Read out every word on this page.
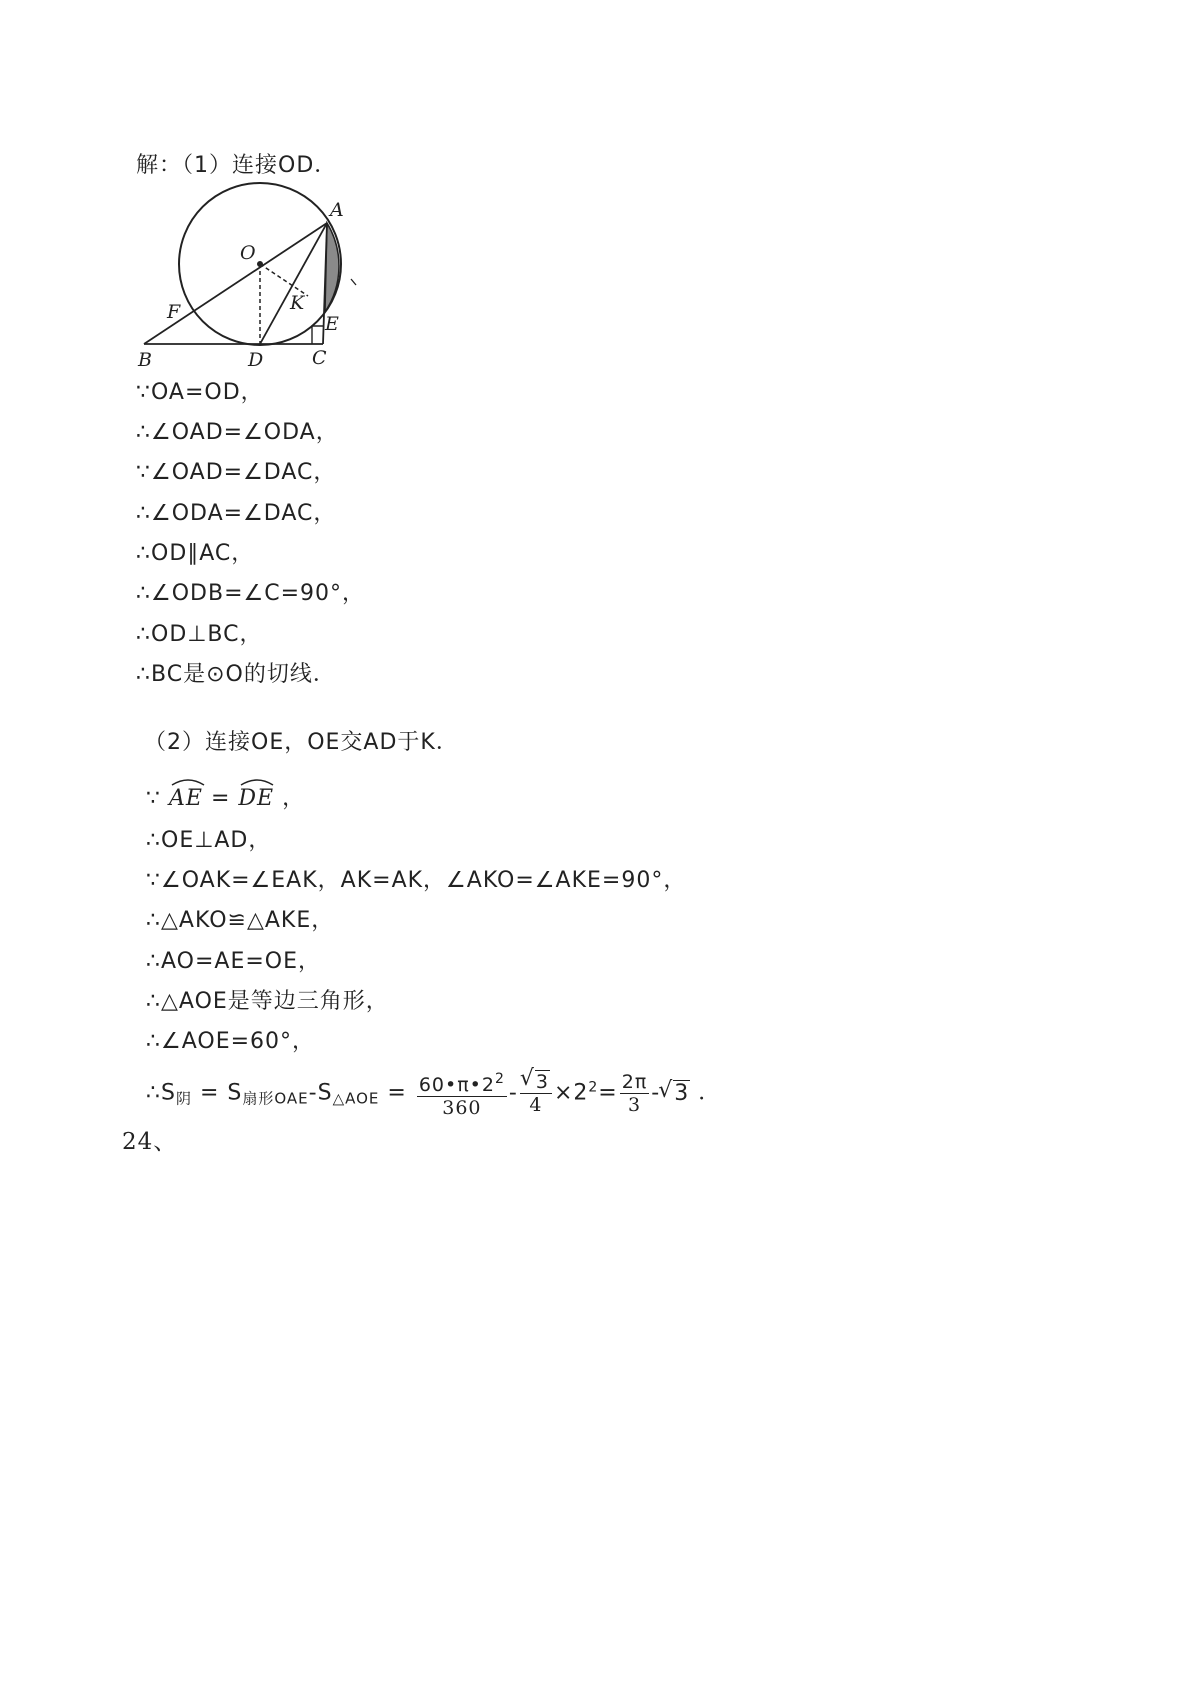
解：（1）连接OD．
A
O
K
F
E
B	D	C
∵OA=OD，
∴∠OAD=∠ODA，
∵∠OAD=∠DAC，
∴∠ODA=∠DAC，
∴OD∥AC，
∴∠ODB=∠C=90°，
∴OD⊥BC，
∴BC是⊙O的切线．
（2）连接OE，OE交AD于K．
∵ AE = DE ，
∴OE⊥AD，
∵∠OAK=∠EAK，AK=AK，∠AKO=∠AKE=90°，
∴△AKO≌△AKE，
∴AO=AE=OE，
∴△AOE是等边三角形，
∴∠AOE=60°，
$\therefore S_阴 = S_{扇形OAE}-S_{\triangle AOE} = \frac{60•\pi•2^2}{360}$ - √ $\frac{3}{4} \times 2^2= \frac{2\pi}{3}$ - √ 3 ．
24、
